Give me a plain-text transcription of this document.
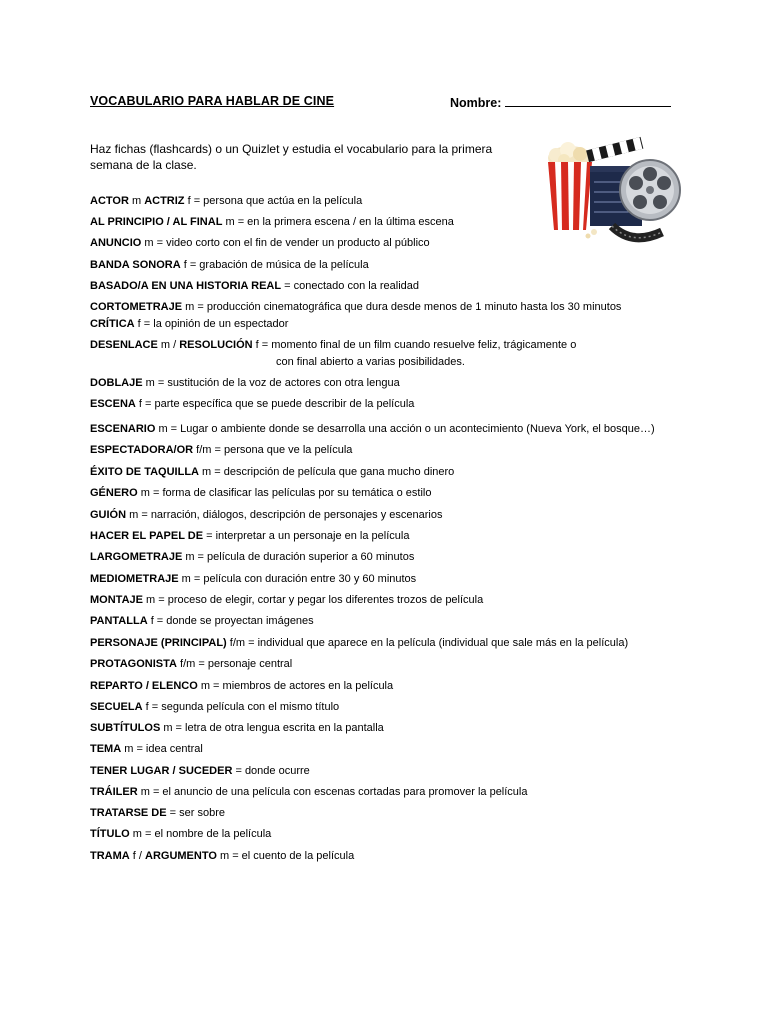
VOCABULARIO PARA HABLAR DE CINE	Nombre:
Haz fichas (flashcards) o un Quizlet y estudia el vocabulario para la primera semana de la clase.
ACTOR m ACTRIZ f = persona que actúa en la película
AL PRINCIPIO / AL FINAL m = en la primera escena / en la última escena
ANUNCIO m = video corto con el fin de vender un producto al público
BANDA SONORA f = grabación de música de la película
BASADO/A EN UNA HISTORIA REAL = conectado con la realidad
CORTOMETRAJE m = producción cinematográfica que dura desde menos de 1 minuto hasta los 30 minutos
CRÍTICA f = la opinión de un espectador
DESENLACE m / RESOLUCIÓN f = momento final de un film cuando resuelve feliz, trágicamente o
con final abierto a varias posibilidades.
DOBLAJE m = sustitución de la voz de actores con otra lengua
ESCENA f = parte específica que se puede describir de la película
ESCENARIO m = Lugar o ambiente donde se desarrolla una acción o un acontecimiento (Nueva York, el bosque…)
ESPECTADORA/OR f/m = persona que ve la película
ÉXITO DE TAQUILLA m = descripción de película que gana mucho dinero
GÉNERO m = forma de clasificar las películas por su temática o estilo
GUIÓN m = narración, diálogos, descripción de personajes y escenarios
HACER EL PAPEL DE = interpretar a un personaje en la película
LARGOMETRAJE m = película de duración superior a 60 minutos
MEDIOMETRAJE m = película con duración entre 30 y 60 minutos
MONTAJE m = proceso de elegir, cortar y pegar los diferentes trozos de película
PANTALLA f = donde se proyectan imágenes
PERSONAJE (PRINCIPAL) f/m = individual que aparece en la película (individual que sale más en la película)
PROTAGONISTA f/m = personaje central
REPARTO / ELENCO m = miembros de actores en la película
SECUELA f = segunda película con el mismo título
SUBTÍTULOS m = letra de otra lengua escrita en la pantalla
TEMA m = idea central
TENER LUGAR / SUCEDER = donde ocurre
TRÁILER m = el anuncio de una película con escenas cortadas para promover la película
TRATARSE DE = ser sobre
TÍTULO m = el nombre de la película
TRAMA f / ARGUMENTO m = el cuento de la película
